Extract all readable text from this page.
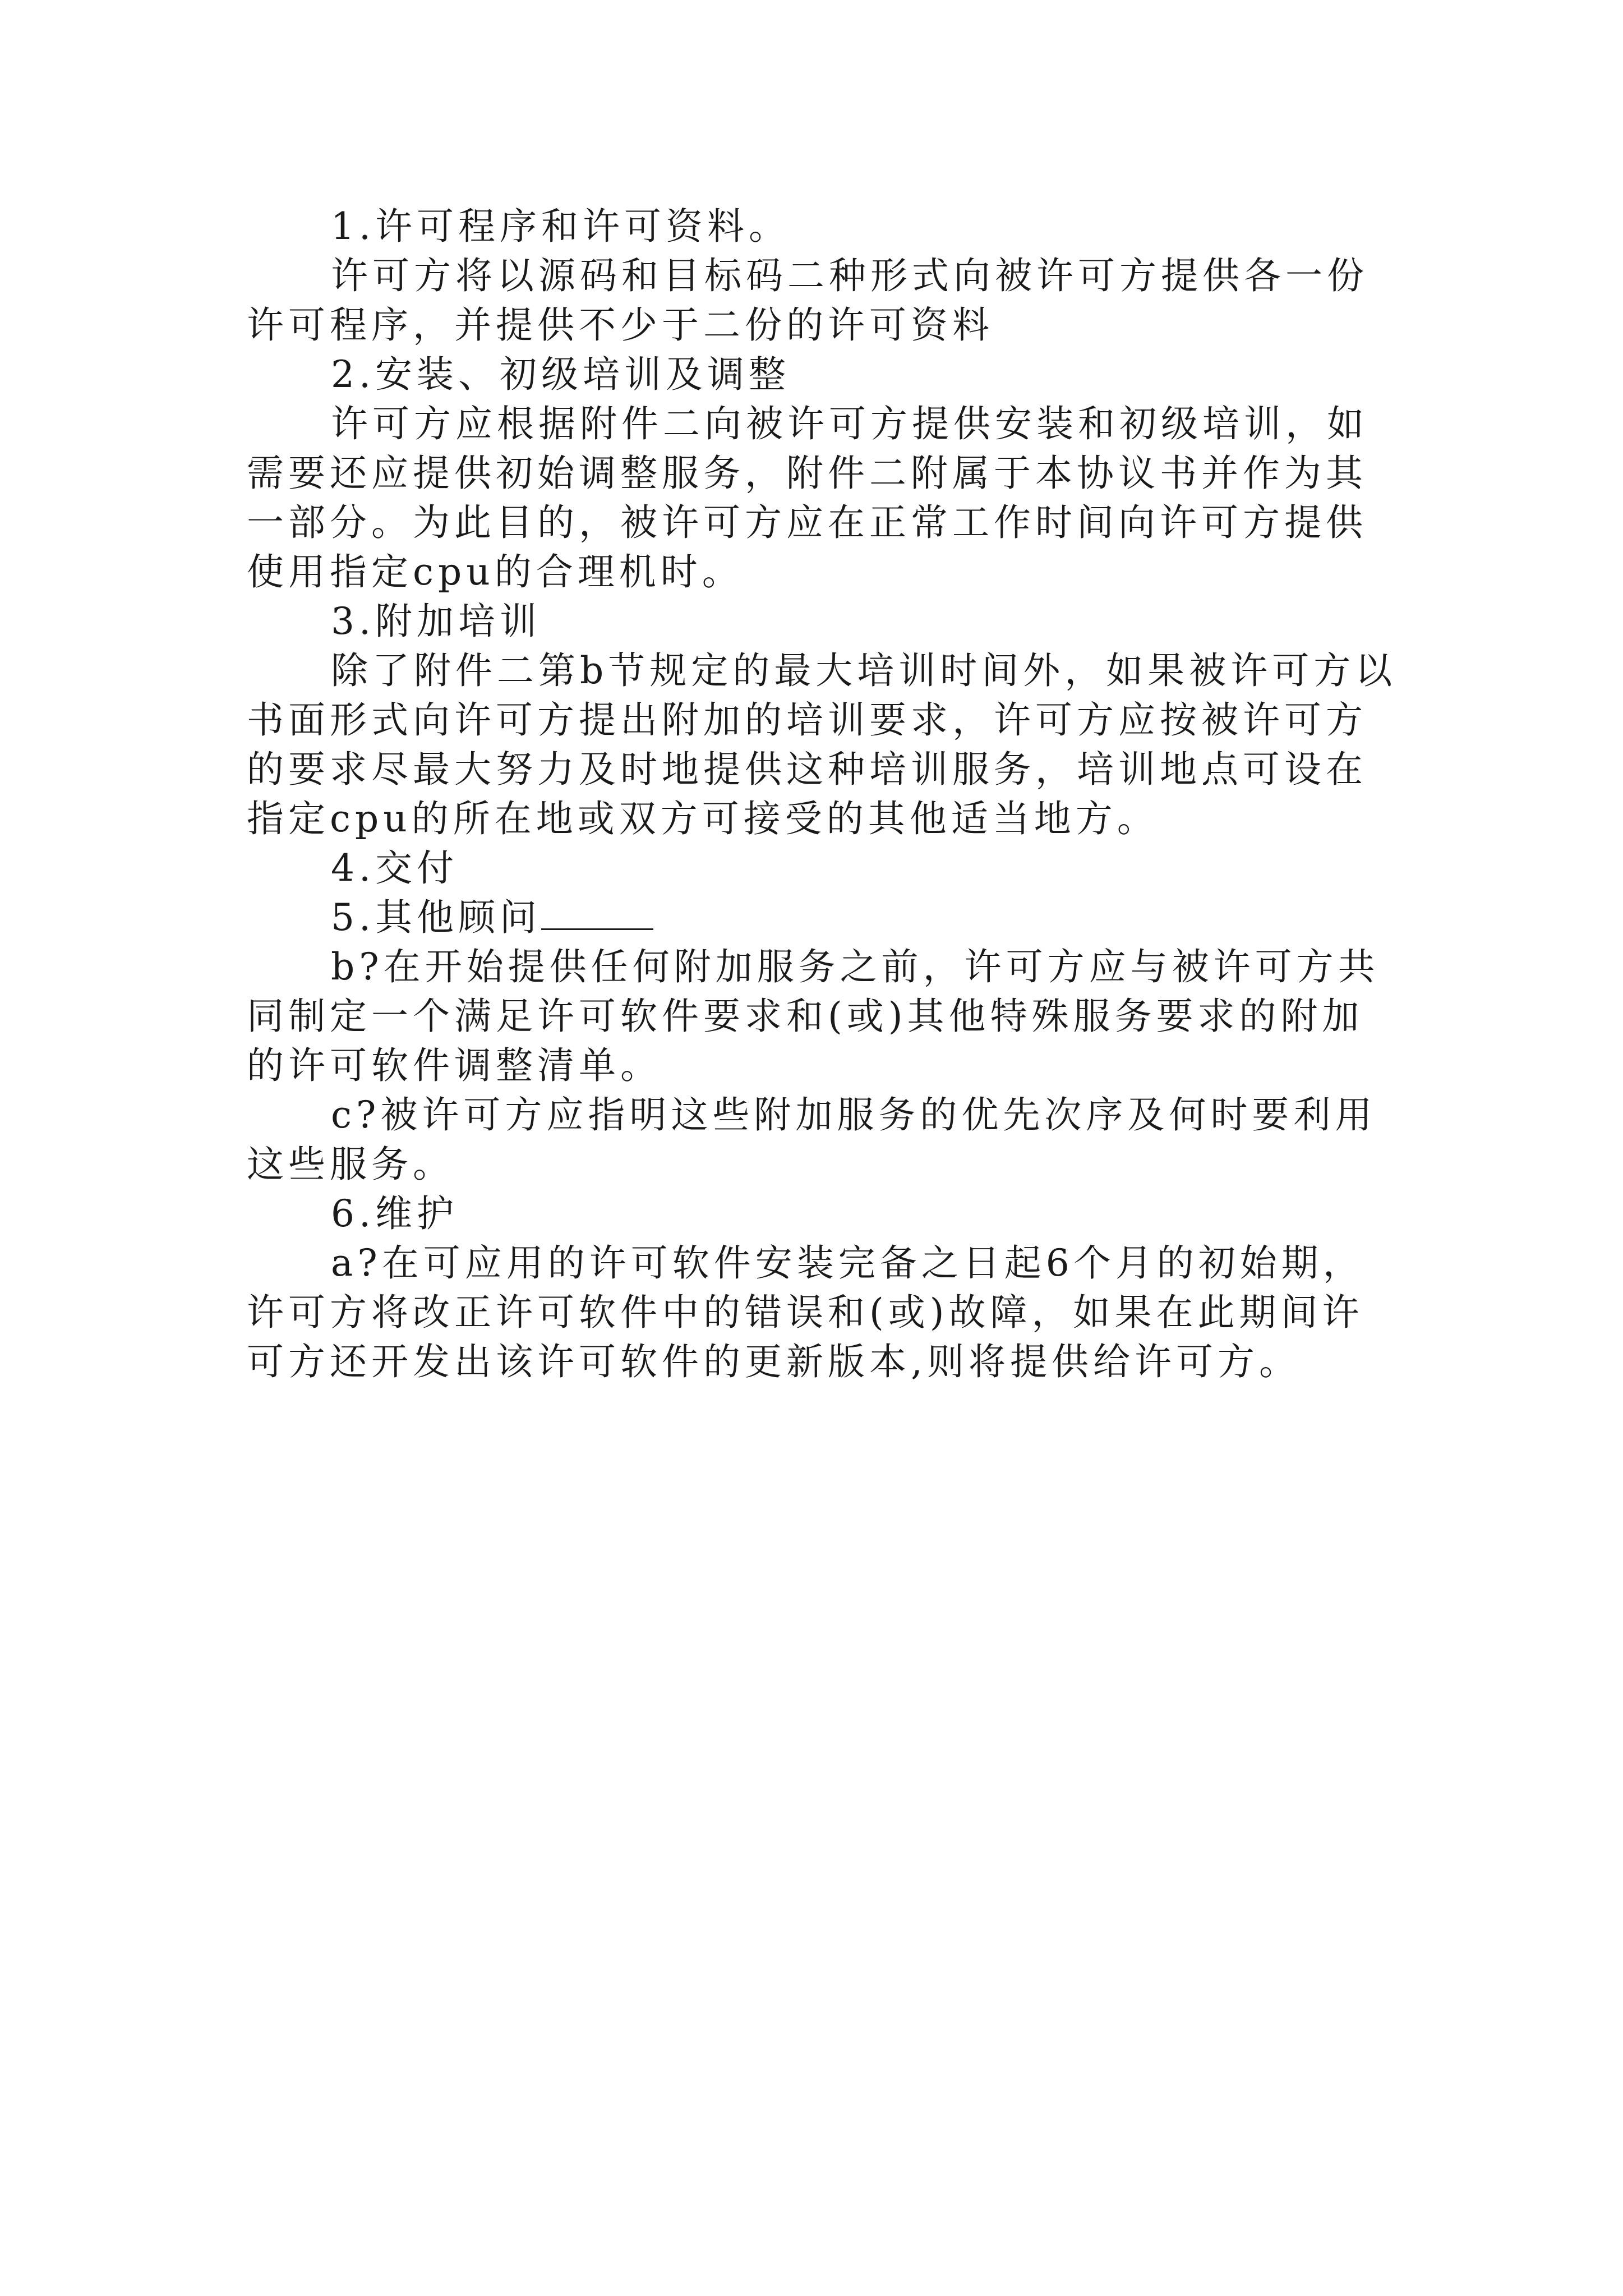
1.许可程序和许可资料。

许可方将以源码和目标码二种形式向被许可方提供各一份许可程序，并提供不少于二份的许可资料

2.安装、初级培训及调整

许可方应根据附件二向被许可方提供安装和初级培训，如需要还应提供初始调整服务，附件二附属于本协议书并作为其一部分。为此目的，被许可方应在正常工作时间向许可方提供使用指定cpu的合理机时。

3.附加培训

除了附件二第b节规定的最大培训时间外，如果被许可方以书面形式向许可方提出附加的培训要求，许可方应按被许可方的要求尽最大努力及时地提供这种培训服务，培训地点可设在指定cpu的所在地或双方可接受的其他适当地方。

4.交付

5.其他顾问

b?在开始提供任何附加服务之前，许可方应与被许可方共同制定一个满足许可软件要求和(或)其他特殊服务要求的附加的许可软件调整清单。

c?被许可方应指明这些附加服务的优先次序及何时要利用这些服务。

6.维护

a?在可应用的许可软件安装完备之日起6个月的初始期，许可方将改正许可软件中的错误和(或)故障，如果在此期间许可方还开发出该许可软件的更新版本,则将提供给许可方。
